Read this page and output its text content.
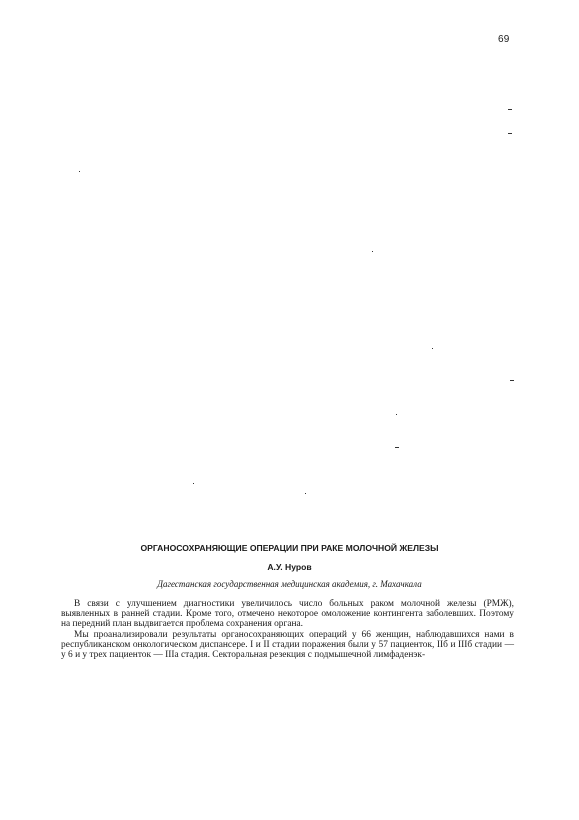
69
ОРГАНОСОХРАНЯЮЩИЕ ОПЕРАЦИИ ПРИ РАКЕ МОЛОЧНОЙ ЖЕЛЕЗЫ
А.У. Нуров
Дагестанская государственная медицинская академия, г. Махачкала

В связи с улучшением диагностики увеличилось число больных раком молочной железы (РМЖ), выявленных в ранней стадии. Кроме того, отмечено некоторое омоложение контингента заболевших. Поэтому на передний план выдвигается проблема сохранения органа.

Мы проанализировали результаты органосохраняющих операций у 66 женщин, наблюдавшихся нами в республиканском онкологическом диспансере. I и II стадии поражения были у 57 пациенток, IIб и IIIб стадии — у 6 и у трех пациенток — IIIа стадия. Секторальная резекция с подмышечной лимфаденэк-
